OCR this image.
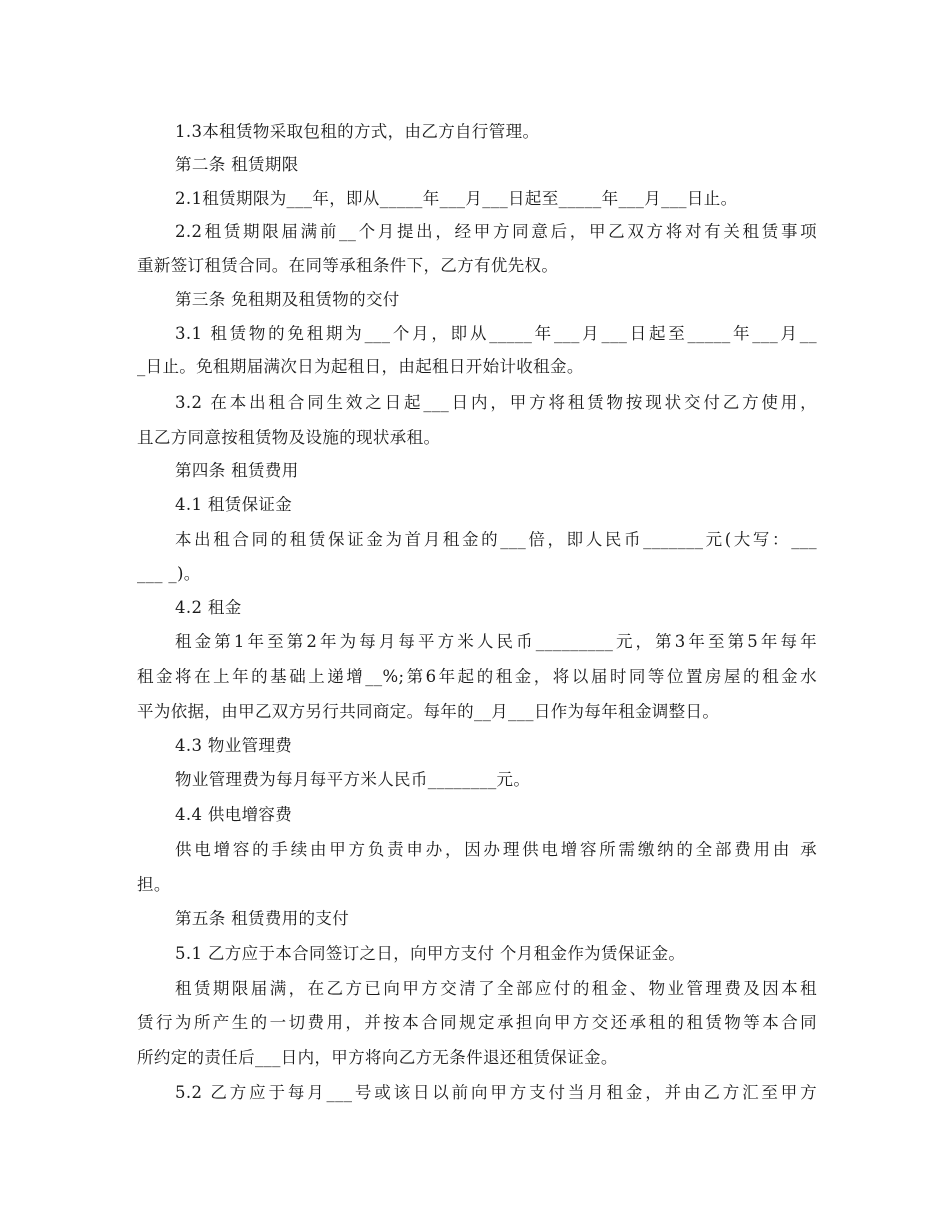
1.3本租赁物采取包租的方式，由乙方自行管理。
第二条 租赁期限
2.1租赁期限为___年，即从_____年___月___日起至_____年___月___日止。
2.2租赁期限届满前__个月提出，经甲方同意后，甲乙双方将对有关租赁事项
重新签订租赁合同。在同等承租条件下，乙方有优先权。
第三条 免租期及租赁物的交付
3.1 租赁物的免租期为___个月，即从_____年___月___日起至_____年___月__
_日止。免租期届满次日为起租日，由起租日开始计收租金。
3.2 在本出租合同生效之日起___日内，甲方将租赁物按现状交付乙方使用，
且乙方同意按租赁物及设施的现状承租。
第四条 租赁费用
4.1 租赁保证金
本出租合同的租赁保证金为首月租金的___倍，即人民币_______元(大写：___
___ _)。
4.2 租金
租金第1年至第2年为每月每平方米人民币_________元，第3年至第5年每年
租金将在上年的基础上递增__%;第6年起的租金，将以届时同等位置房屋的租金水
平为依据，由甲乙双方另行共同商定。每年的__月___日作为每年租金调整日。
4.3 物业管理费
物业管理费为每月每平方米人民币________元。
4.4 供电增容费
供电增容的手续由甲方负责申办，因办理供电增容所需缴纳的全部费用由 承
担。
第五条 租赁费用的支付
5.1 乙方应于本合同签订之日，向甲方支付 个月租金作为赁保证金。
租赁期限届满，在乙方已向甲方交清了全部应付的租金、物业管理费及因本租
赁行为所产生的一切费用，并按本合同规定承担向甲方交还承租的租赁物等本合同
所约定的责任后___日内，甲方将向乙方无条件退还租赁保证金。
5.2 乙方应于每月___号或该日以前向甲方支付当月租金，并由乙方汇至甲方
